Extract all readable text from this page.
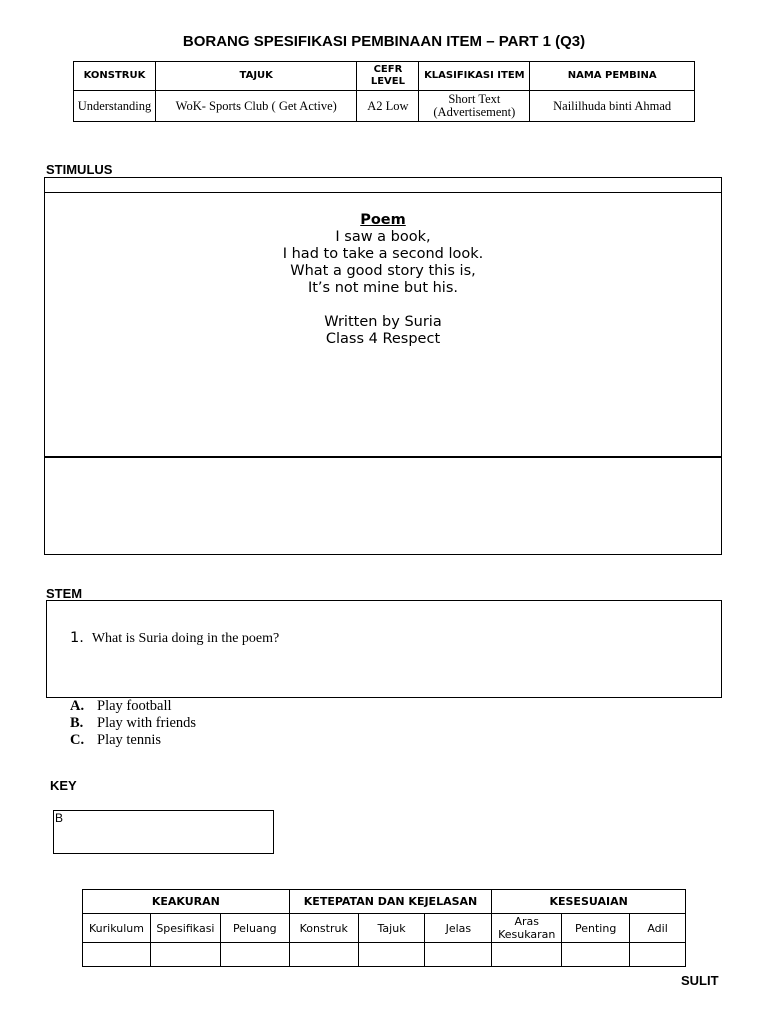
BORANG SPESIFIKASI PEMBINAAN ITEM – PART 1 (Q3)
KONSTRUK	TAJUK	CEFR LEVEL	KLASIFIKASI ITEM	NAMA PEMBINA
Understanding	WoK- Sports Club ( Get Active)	A2 Low	Short Text (Advertisement)	Naililhuda binti Ahmad
STIMULUS
Poem
I saw a book,
I had to take a second look.
What a good story this is,
It’s not mine but his.
Written by Suria
Class 4 Respect
STEM
1. What is Suria doing in the poem?
A. Play football
B. Play with friends
C. Play tennis
KEY
B
KEAKURAN			KETEPATAN DAN KEJELASAN			KESESUAIAN		
Kurikulum	Spesifikasi	Peluang	Konstruk	Tajuk	Jelas	Aras Kesukaran	Penting	Adil

SULIT
